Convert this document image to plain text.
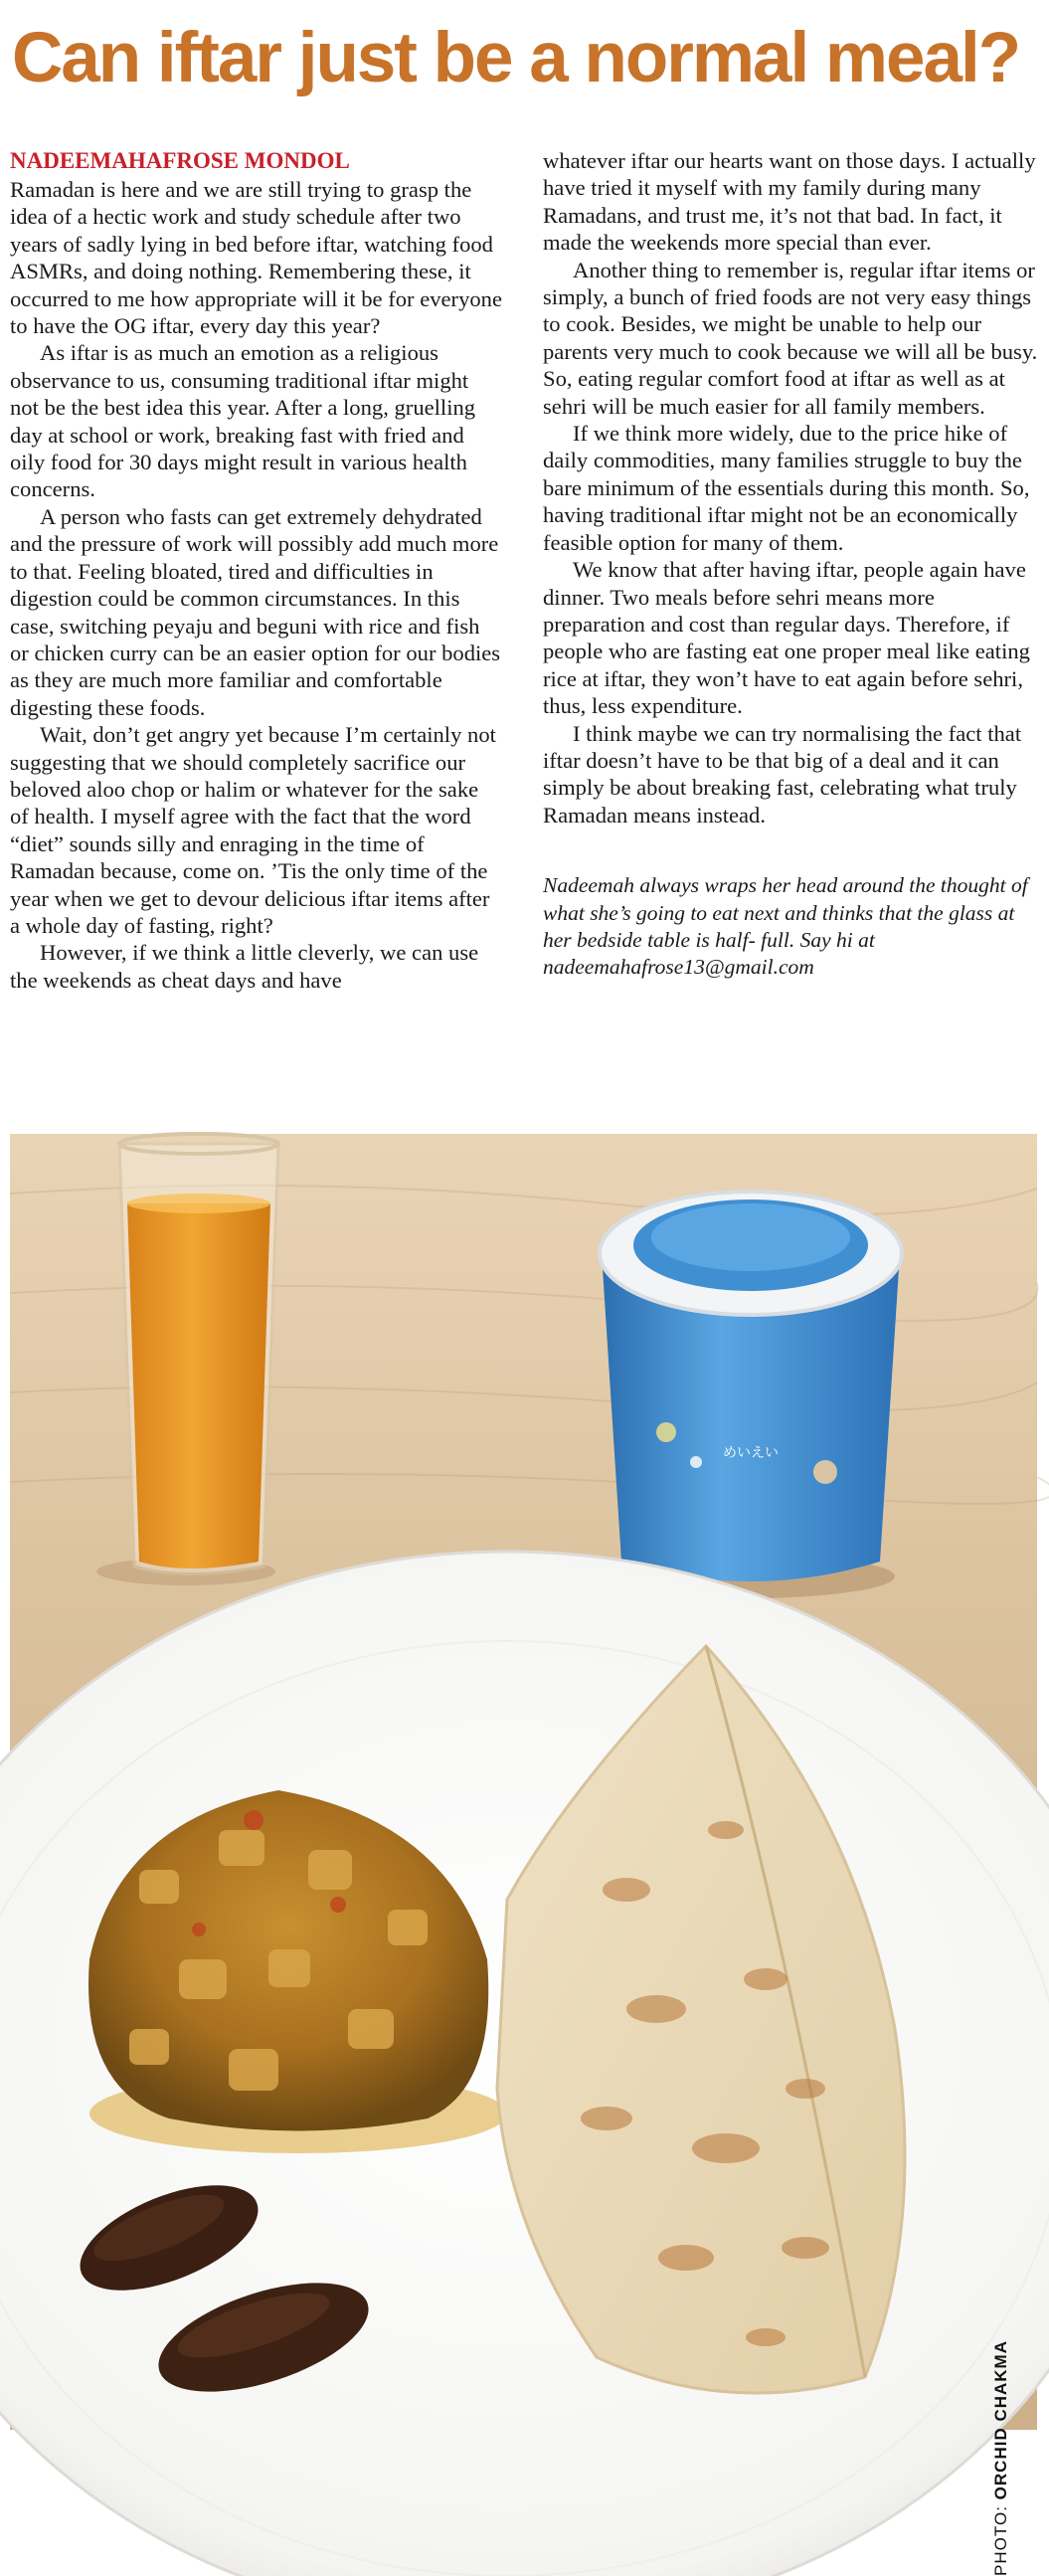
Can iftar just be a normal meal?
NADEEMAHAFROSE MONDOL

Ramadan is here and we are still trying to grasp the idea of a hectic work and study schedule after two years of sadly lying in bed before iftar, watching food ASMRs, and doing nothing. Remembering these, it occurred to me how appropriate will it be for everyone to have the OG iftar, every day this year?

As iftar is as much an emotion as a religious observance to us, consuming traditional iftar might not be the best idea this year. After a long, gruelling day at school or work, breaking fast with fried and oily food for 30 days might result in various health concerns.

A person who fasts can get extremely dehydrated and the pressure of work will possibly add much more to that. Feeling bloated, tired and difficulties in digestion could be common circumstances. In this case, switching peyaju and beguni with rice and fish or chicken curry can be an easier option for our bodies as they are much more familiar and comfortable digesting these foods.

Wait, don’t get angry yet because I’m certainly not suggesting that we should completely sacrifice our beloved aloo chop or halim or whatever for the sake of health. I myself agree with the fact that the word “diet” sounds silly and enraging in the time of Ramadan because, come on. ’Tis the only time of the year when we get to devour delicious iftar items after a whole day of fasting, right?

However, if we think a little cleverly, we can use the weekends as cheat days and have

whatever iftar our hearts want on those days. I actually have tried it myself with my family during many Ramadans, and trust me, it’s not that bad. In fact, it made the weekends more special than ever.

Another thing to remember is, regular iftar items or simply, a bunch of fried foods are not very easy things to cook. Besides, we might be unable to help our parents very much to cook because we will all be busy. So, eating regular comfort food at iftar as well as at sehri will be much easier for all family members.

If we think more widely, due to the price hike of daily commodities, many families struggle to buy the bare minimum of the essentials during this month. So, having traditional iftar might not be an economically feasible option for many of them.

We know that after having iftar, people again have dinner. Two meals before sehri means more preparation and cost than regular days. Therefore, if people who are fasting eat one proper meal like eating rice at iftar, they won’t have to eat again before sehri, thus, less expenditure.

I think maybe we can try normalising the fact that iftar doesn’t have to be that big of a deal and it can simply be about breaking fast, celebrating what truly Ramadan means instead.

Nadeemah always wraps her head around the thought of what she’s going to eat next and thinks that the glass at her bedside table is half- full. Say hi at nadeemahafrose13@gmail.com

めいえい
PHOTO: ORCHID CHAKMA
